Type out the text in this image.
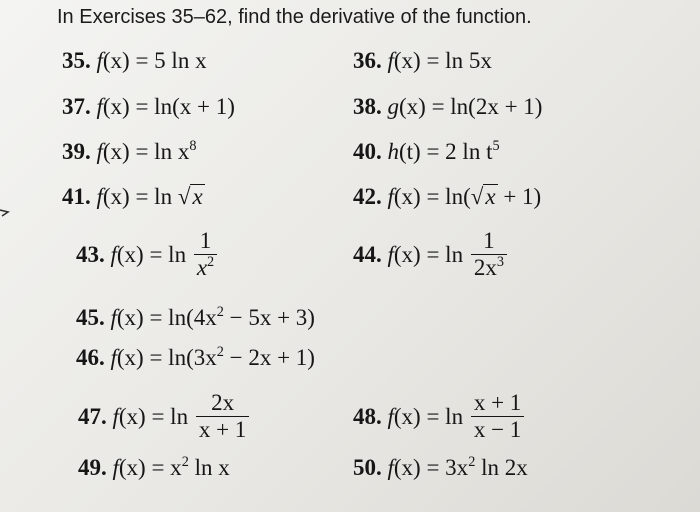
In Exercises 35–62, find the derivative of the function.
35. f(x) = 5 ln x	36. f(x) = ln 5x
37. f(x) = ln(x + 1)	38. g(x) = ln(2x + 1)
39. $f(x) = \ln x^8$	40. h(t) = 2 $\ln t^5$
41. f(x) = ln √x	42. f(x) = ln(√x + 1)
43. $f(x) = \ln \frac{1}{x^2}$	44. $f(x) = \ln \frac{1}{2x^3}$
45. $f(x) = \ln(4x^2 - 5x + 3)$
46. $f(x) = \ln(3x^2 - 2x + 1)$
47. $f(x) = \ln \frac{2x}{x + 1}$	48. $f(x) = \ln \frac{x + 1}{x - 1}$
49. $f(x) = x^2$ ln x	50. $f(x) = 3x^2$ ln 2x
